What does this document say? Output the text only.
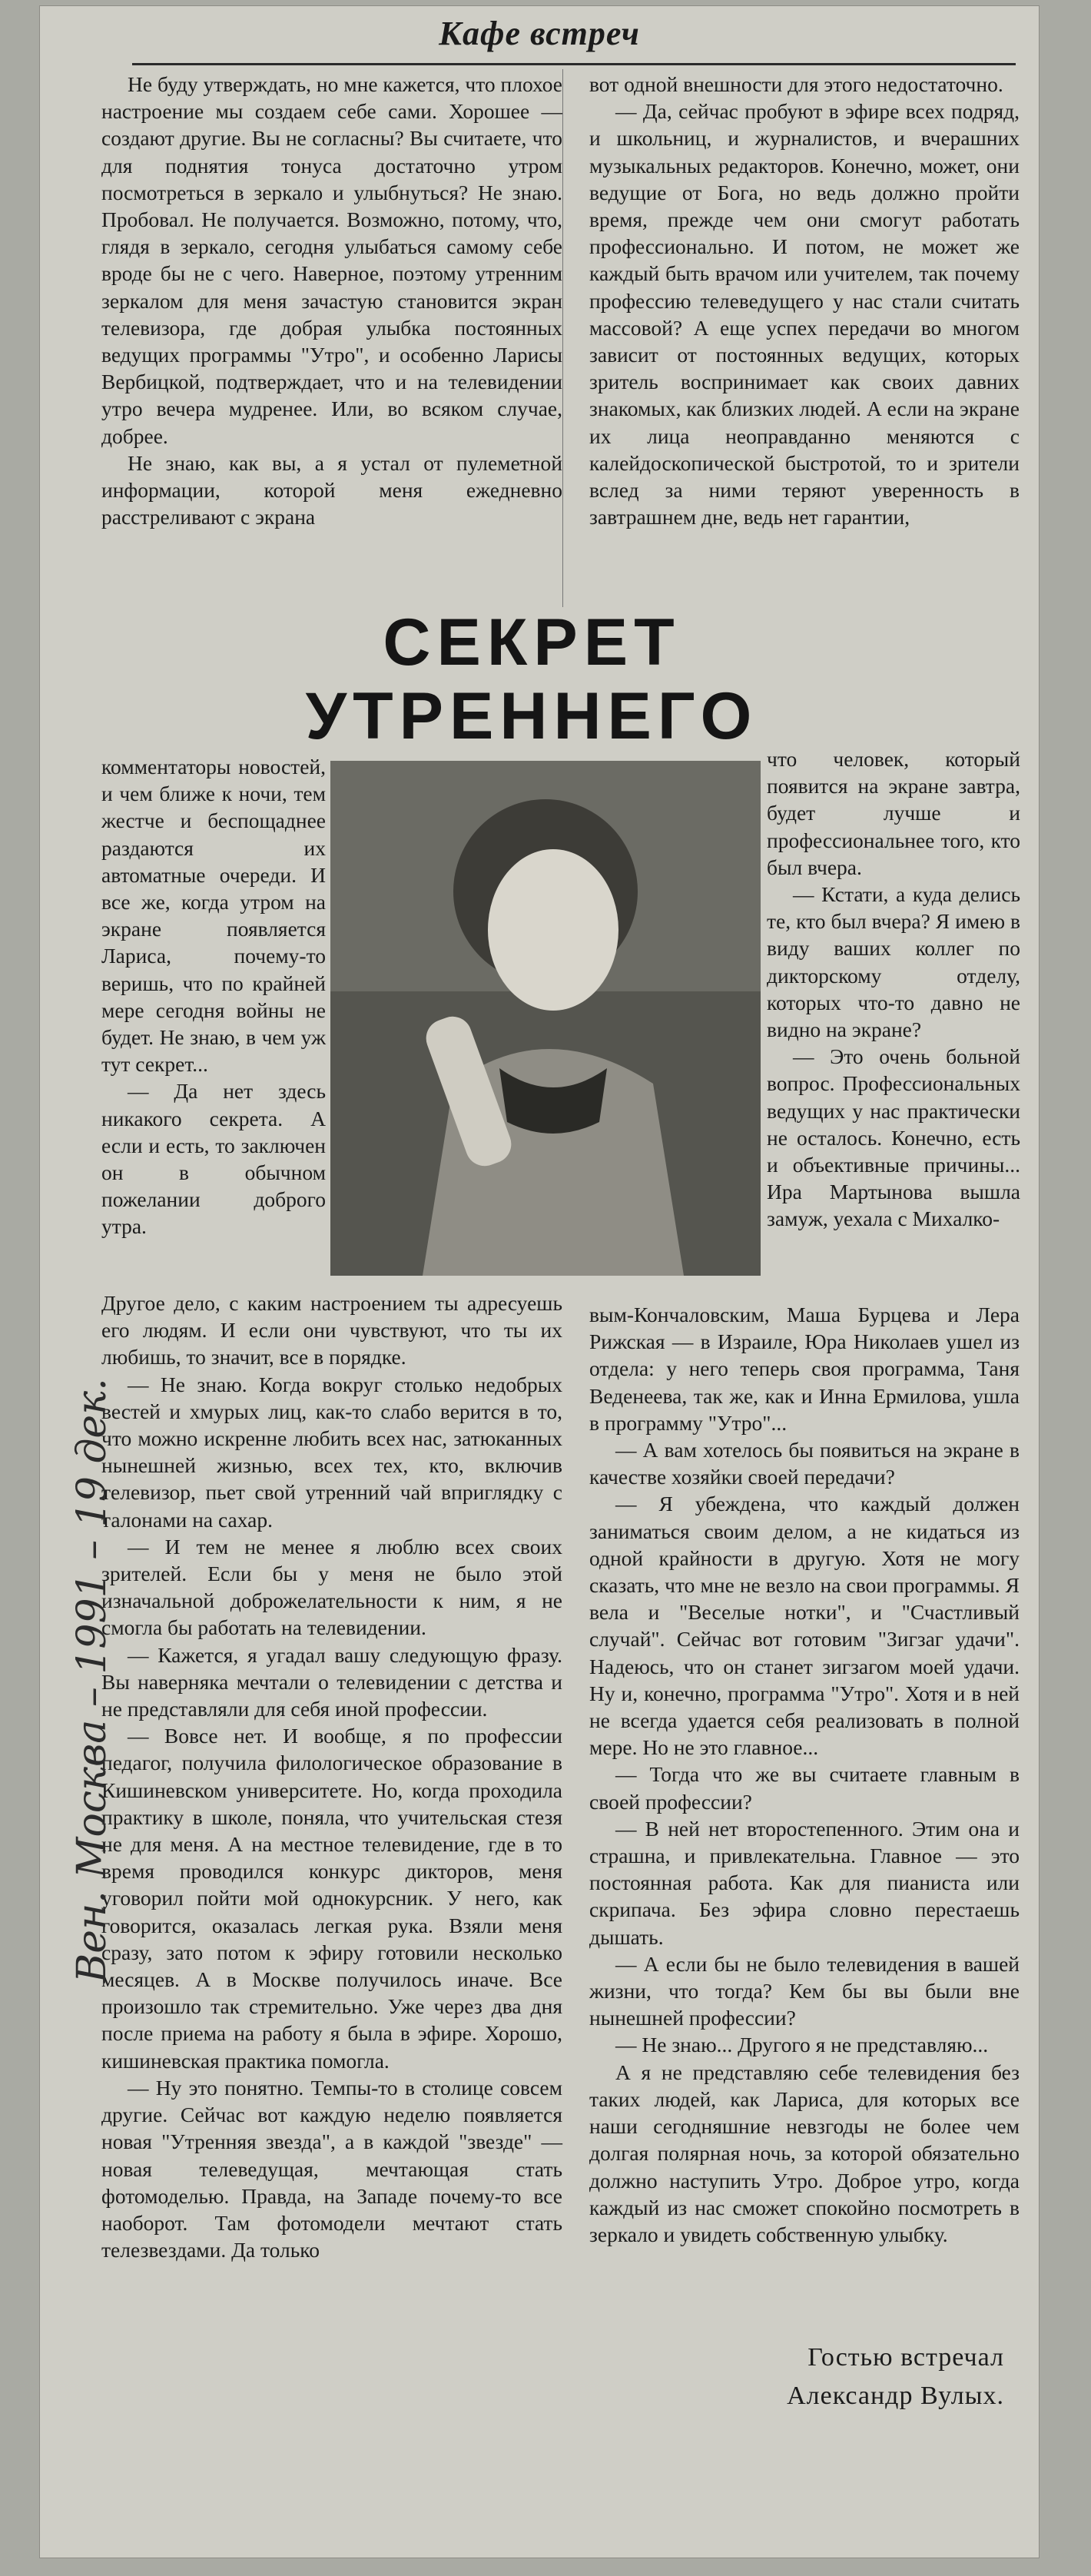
Кафе встреч

Не буду утверждать, но мне кажется, что плохое настроение мы создаем себе сами. Хорошее — создают другие. Вы не согласны? Вы считаете, что для поднятия тонуса достаточно утром посмотреться в зеркало и улыбнуться? Не знаю. Пробовал. Не получается. Возможно, потому, что, глядя в зеркало, сегодня улыбаться самому себе вроде бы не с чего. Наверное, поэтому утренним зеркалом для меня зачастую становится экран телевизора, где добрая улыбка постоянных ведущих программы "Утро", и особенно Ларисы Вербицкой, подтверждает, что и на телевидении утро вечера мудренее. Или, во всяком случае, добрее.

Не знаю, как вы, а я устал от пулеметной информации, которой меня ежедневно расстреливают с экрана

вот одной внешности для этого недостаточно.

— Да, сейчас пробуют в эфире всех подряд, и школьниц, и журналистов, и вчерашних музыкальных редакторов. Конечно, может, они ведущие от Бога, но ведь должно пройти время, прежде чем они смогут работать профессионально. И потом, не может же каждый быть врачом или учителем, так почему профессию телеведущего у нас стали считать массовой? А еще успех передачи во многом зависит от постоянных ведущих, которых зритель воспринимает как своих давних знакомых, как близких людей. А если на экране их лица неоправданно меняются с калейдоскопической быстротой, то и зрители вслед за ними теряют уверенность в завтрашнем дне, ведь нет гарантии,

СЕКРЕТ УТРЕННЕГО

комментаторы новостей, и чем ближе к ночи, тем жестче и беспощаднее раздаются их автоматные очереди. И все же, когда утром на экране появляется Лариса, почему-то веришь, что по крайней мере сегодня войны не будет. Не знаю, в чем уж тут секрет...

— Да нет здесь никакого секрета. А если и есть, то заключен он в обычном пожелании доброго утра.

Другое дело, с каким настроением ты адресуешь его людям. И если они чувствуют, что ты их любишь, то значит, все в порядке.

— Не знаю. Когда вокруг столько недобрых вестей и хмурых лиц, как-то слабо верится в то, что можно искренне любить всех нас, затюканных нынешней жизнью, всех тех, кто, включив телевизор, пьет свой утренний чай вприглядку с талонами на сахар.

— И тем не менее я люблю всех своих зрителей. Если бы у меня не было этой изначальной доброжелательности к ним, я не смогла бы работать на телевидении.

— Кажется, я угадал вашу следующую фразу. Вы наверняка мечтали о телевидении с детства и не представляли для себя иной профессии.

— Вовсе нет. И вообще, я по профессии педагог, получила филологическое образование в Кишиневском университете. Но, когда проходила практику в школе, поняла, что учительская стезя не для меня. А на местное телевидение, где в то время проводился конкурс дикторов, меня уговорил пойти мой однокурсник. У него, как говорится, оказалась легкая рука. Взяли меня сразу, зато потом к эфиру готовили несколько месяцев. А в Москве получилось иначе. Все произошло так стремительно. Уже через два дня после приема на работу я была в эфире. Хорошо, кишиневская практика помогла.

— Ну это понятно. Темпы-то в столице совсем другие. Сейчас вот каждую неделю появляется новая "Утренняя звезда", а в каждой "звезде" — новая телеведущая, мечтающая стать фотомоделью. Правда, на Западе почему-то все наоборот. Там фотомодели мечтают стать телезвездами. Да только

что человек, который появится на экране завтра, будет лучше и профессиональнее того, кто был вчера.

— Кстати, а куда делись те, кто был вчера? Я имею в виду ваших коллег по дикторскому отделу, которых что-то давно не видно на экране?

— Это очень больной вопрос. Профессиональных ведущих у нас практически не осталось. Конечно, есть и объективные причины... Ира Мартынова вышла замуж, уехала с Михалко-

вым-Кончаловским, Маша Бурцева и Лера Рижская — в Израиле, Юра Николаев ушел из отдела: у него теперь своя программа, Таня Веденеева, так же, как и Инна Ермилова, ушла в программу "Утро"...

— А вам хотелось бы появиться на экране в качестве хозяйки своей передачи?

— Я убеждена, что каждый должен заниматься своим делом, а не кидаться из одной крайности в другую. Хотя не могу сказать, что мне не везло на свои программы. Я вела и "Веселые нотки", и "Счастливый случай". Сейчас вот готовим "Зигзаг удачи". Надеюсь, что он станет зигзагом моей удачи. Ну и, конечно, программа "Утро". Хотя и в ней не всегда удается себя реализовать в полной мере. Но не это главное...

— Тогда что же вы считаете главным в своей профессии?

— В ней нет второстепенного. Этим она и страшна, и привлекательна. Главное — это постоянная работа. Как для пианиста или скрипача. Без эфира словно перестаешь дышать.

— А если бы не было телевидения в вашей жизни, что тогда? Кем бы вы были вне нынешней профессии?

— Не знаю... Другого я не представляю...

А я не представляю себе телевидения без таких людей, как Лариса, для которых все наши сегодняшние невзгоды не более чем долгая полярная ночь, за которой обязательно должно наступить Утро. Доброе утро, когда каждый из нас сможет спокойно посмотреть в зеркало и увидеть собственную улыбку.

Гостью встречал
Александр Вулых.
Вен. Москва – 1991 – 19 дек.
